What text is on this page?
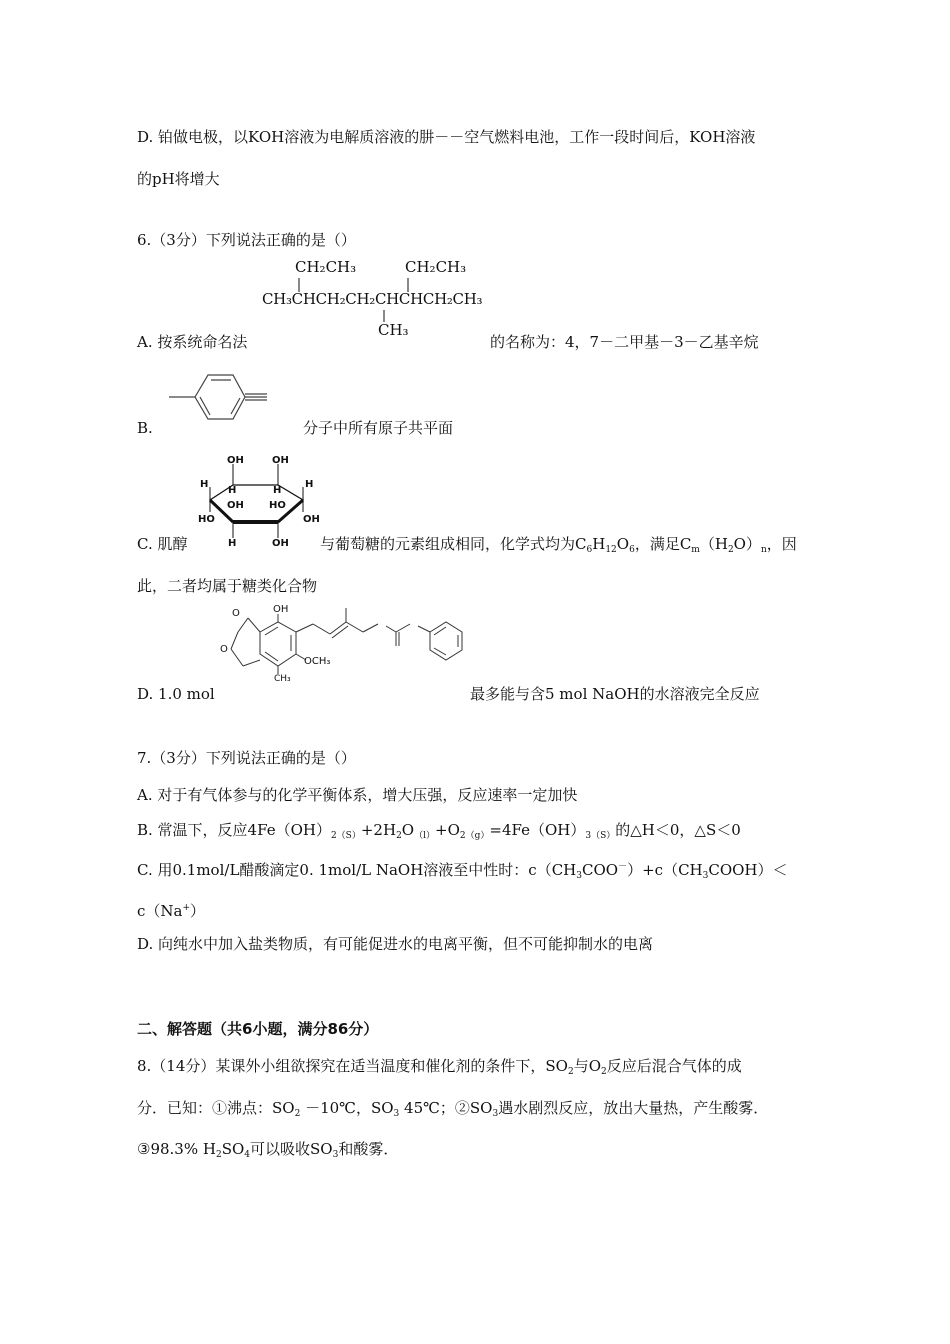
D. 铂做电极，以KOH溶液为电解质溶液的肼－－空气燃料电池，工作一段时间后，KOH溶液
的pH将增大
6.（3分）下列说法正确的是（）
CH₂CH₃	CH₂CH₃
CH₃CHCH₂CH₂CHCHCH₂CH₃
CH₃
A. 按系统命名法	的名称为：4，7－二甲基－3－乙基辛烷
B.	分子中所有原子共平面
OH	OH
H
H	H
H
HO
OH	HO
OH
H	OH
C. 肌醇	与葡萄糖的元素组成相同，化学式均为$C_6H_{12}O_6$，满足$C_m(H_2O)_n$，因
此，二者均属于糖类化合物
OH
O
O
OCH₃
CH₃
D. 1.0 mol	最多能与含5 mol NaOH的水溶液完全反应
7.（3分）下列说法正确的是（）
A. 对于有气体参与的化学平衡体系，增大压强，反应速率一定加快
B. 常温下，反应$4Fe(OH)_{2(S)}+2H_2O_{(l)}+O_{2(g)}=4Fe(OH)_{3(S)}$的△H＜0，△S＜0
C. 用0.1mol/L醋酸滴定0. 1mol/L NaOH溶液至中性时：$c(CH_3COO^-)+c(CH_3COOH)<$
c（Na+）
D. 向纯水中加入盐类物质，有可能促进水的电离平衡，但不可能抑制水的电离
二、解答题（共6小题，满分86分）
8.（14分）某课外小组欲探究在适当温度和催化剂的条件下，$SO_2$与$O_2$反应后混合气体的成
分．已知：①沸点：$SO_2$ －10℃，$SO_3$ 45℃；$②SO_3$遇水剧烈反应，放出大量热，产生酸雾．
③98.3% $H_2SO_4$可以吸收$SO_3$和酸雾．
